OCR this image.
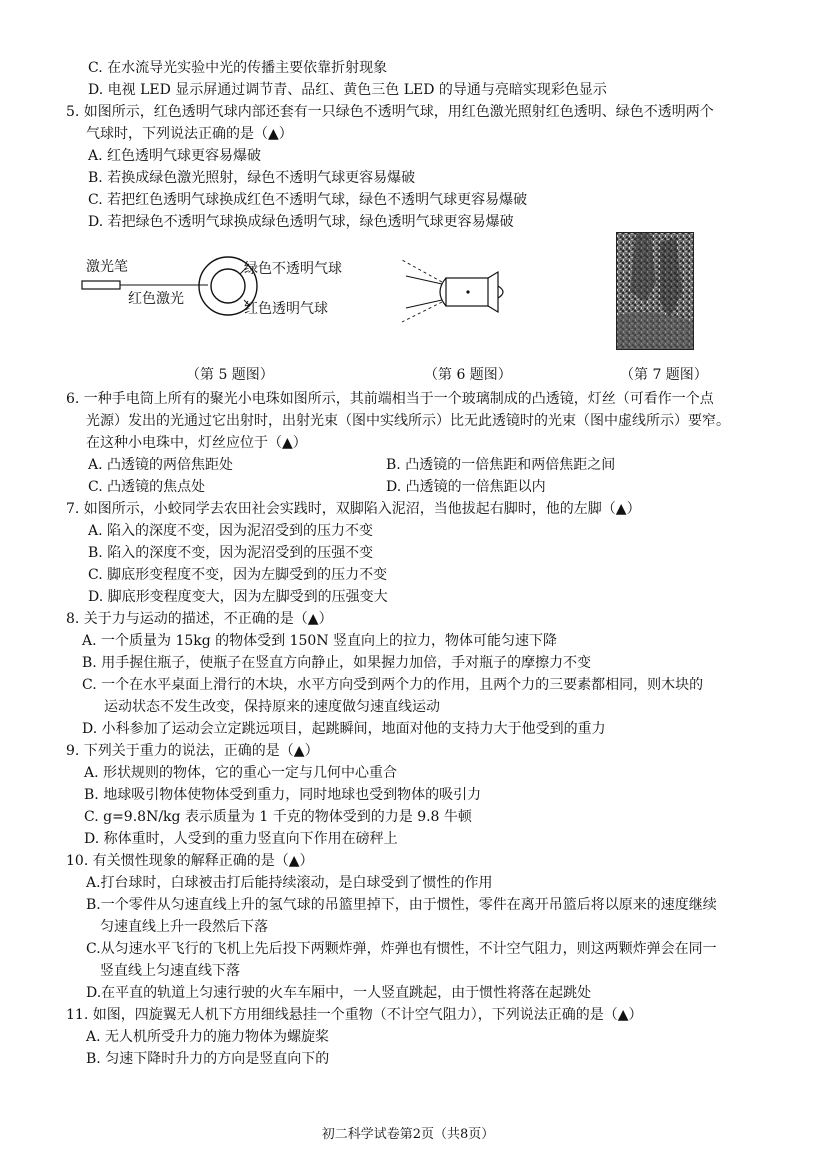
C. 在水流导光实验中光的传播主要依靠折射现象
D. 电视 LED 显示屏通过调节青、品红、黄色三色 LED 的导通与亮暗实现彩色显示
5. 如图所示，红色透明气球内部还套有一只绿色不透明气球，用红色激光照射红色透明、绿色不透明两个
气球时，下列说法正确的是（▲）
A. 红色透明气球更容易爆破
B. 若换成绿色激光照射，绿色不透明气球更容易爆破
C. 若把红色透明气球换成红色不透明气球，绿色不透明气球更容易爆破
D. 若把绿色不透明气球换成绿色透明气球，绿色透明气球更容易爆破
激光笔
红色激光
绿色不透明气球
红色透明气球
（第 5 题图）	（第 6 题图）	（第 7 题图）
6. 一种手电筒上所有的聚光小电珠如图所示，其前端相当于一个玻璃制成的凸透镜，灯丝（可看作一个点
光源）发出的光通过它出射时，出射光束（图中实线所示）比无此透镜时的光束（图中虚线所示）要窄。
在这种小电珠中，灯丝应位于（▲）
A. 凸透镜的两倍焦距处	B. 凸透镜的一倍焦距和两倍焦距之间
C. 凸透镜的焦点处	D. 凸透镜的一倍焦距以内
7. 如图所示，小蛟同学去农田社会实践时，双脚陷入泥沼，当他拔起右脚时，他的左脚（▲）
A. 陷入的深度不变，因为泥沼受到的压力不变
B. 陷入的深度不变，因为泥沼受到的压强不变
C. 脚底形变程度不变，因为左脚受到的压力不变
D. 脚底形变程度变大，因为左脚受到的压强变大
8. 关于力与运动的描述，不正确的是（▲）
A. 一个质量为 15kg 的物体受到 150N 竖直向上的拉力，物体可能匀速下降
B. 用手握住瓶子，使瓶子在竖直方向静止，如果握力加倍，手对瓶子的摩擦力不变
C. 一个在水平桌面上滑行的木块，水平方向受到两个力的作用，且两个力的三要素都相同，则木块的
运动状态不发生改变，保持原来的速度做匀速直线运动
D. 小科参加了运动会立定跳远项目，起跳瞬间，地面对他的支持力大于他受到的重力
9. 下列关于重力的说法，正确的是（▲）
A. 形状规则的物体，它的重心一定与几何中心重合
B. 地球吸引物体使物体受到重力，同时地球也受到物体的吸引力
C. g=9.8N/kg 表示质量为 1 千克的物体受到的力是 9.8 牛顿
D. 称体重时，人受到的重力竖直向下作用在磅秤上
10. 有关惯性现象的解释正确的是（▲）
A.打台球时，白球被击打后能持续滚动，是白球受到了惯性的作用
B.一个零件从匀速直线上升的氢气球的吊篮里掉下，由于惯性，零件在离开吊篮后将以原来的速度继续
匀速直线上升一段然后下落
C.从匀速水平飞行的飞机上先后投下两颗炸弹，炸弹也有惯性，不计空气阻力，则这两颗炸弹会在同一
竖直线上匀速直线下落
D.在平直的轨道上匀速行驶的火车车厢中，一人竖直跳起，由于惯性将落在起跳处
11. 如图，四旋翼无人机下方用细线悬挂一个重物（不计空气阻力），下列说法正确的是（▲）
A. 无人机所受升力的施力物体为螺旋桨
B. 匀速下降时升力的方向是竖直向下的
初二科学试卷第2页（共8页）
